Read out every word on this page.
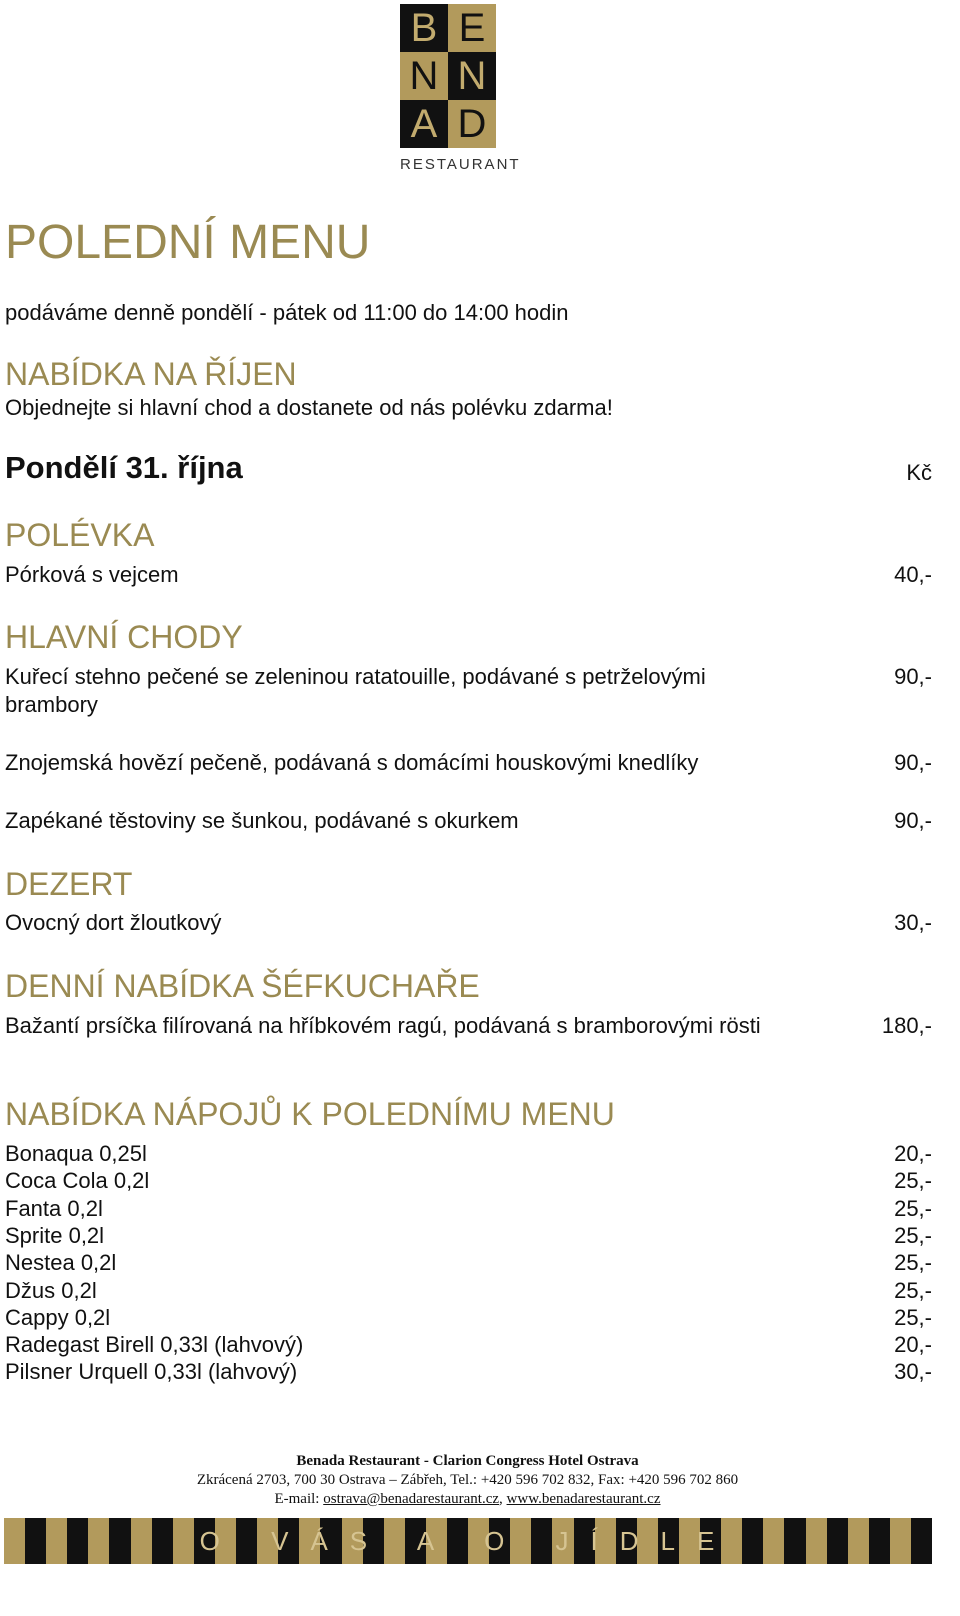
B E
N N
A D
RESTAURANT
POLEDNÍ MENU
podáváme denně pondělí - pátek od 11:00 do 14:00 hodin
NABÍDKA NA ŘÍJEN
Objednejte si hlavní chod a dostanete od nás polévku zdarma!
Pondělí 31. října	Kč
POLÉVKA
Pórková s vejcem	40,-
HLAVNÍ CHODY
Kuřecí stehno pečené se zeleninou ratatouille, podávané s petrželovými	90,-
brambory
Znojemská hovězí pečeně, podávaná s domácími houskovými knedlíky	90,-
Zapékané těstoviny se šunkou, podávané s okurkem	90,-
DEZERT
Ovocný dort žloutkový	30,-
DENNÍ NABÍDKA ŠÉFKUCHAŘE
Bažantí prsíčka filírovaná na hříbkovém ragú, podávaná s bramborovými rösti	180,-
NABÍDKA NÁPOJŮ K POLEDNÍMU MENU
Bonaqua 0,25l	20,-
Coca Cola 0,2l	25,-
Fanta 0,2l	25,-
Sprite 0,2l	25,-
Nestea 0,2l	25,-
Džus 0,2l	25,-
Cappy 0,2l	25,-
Radegast Birell 0,33l (lahvový)	20,-
Pilsner Urquell 0,33l (lahvový)	30,-
Benada Restaurant - Clarion Congress Hotel Ostrava
Zkrácená 2703, 700 30 Ostrava – Zábřeh, Tel.: +420 596 702 832, Fax: +420 596 702 860
E-mail: ostrava@benadarestaurant.cz, www.benadarestaurant.cz
O VÁS A O JÍDLE
